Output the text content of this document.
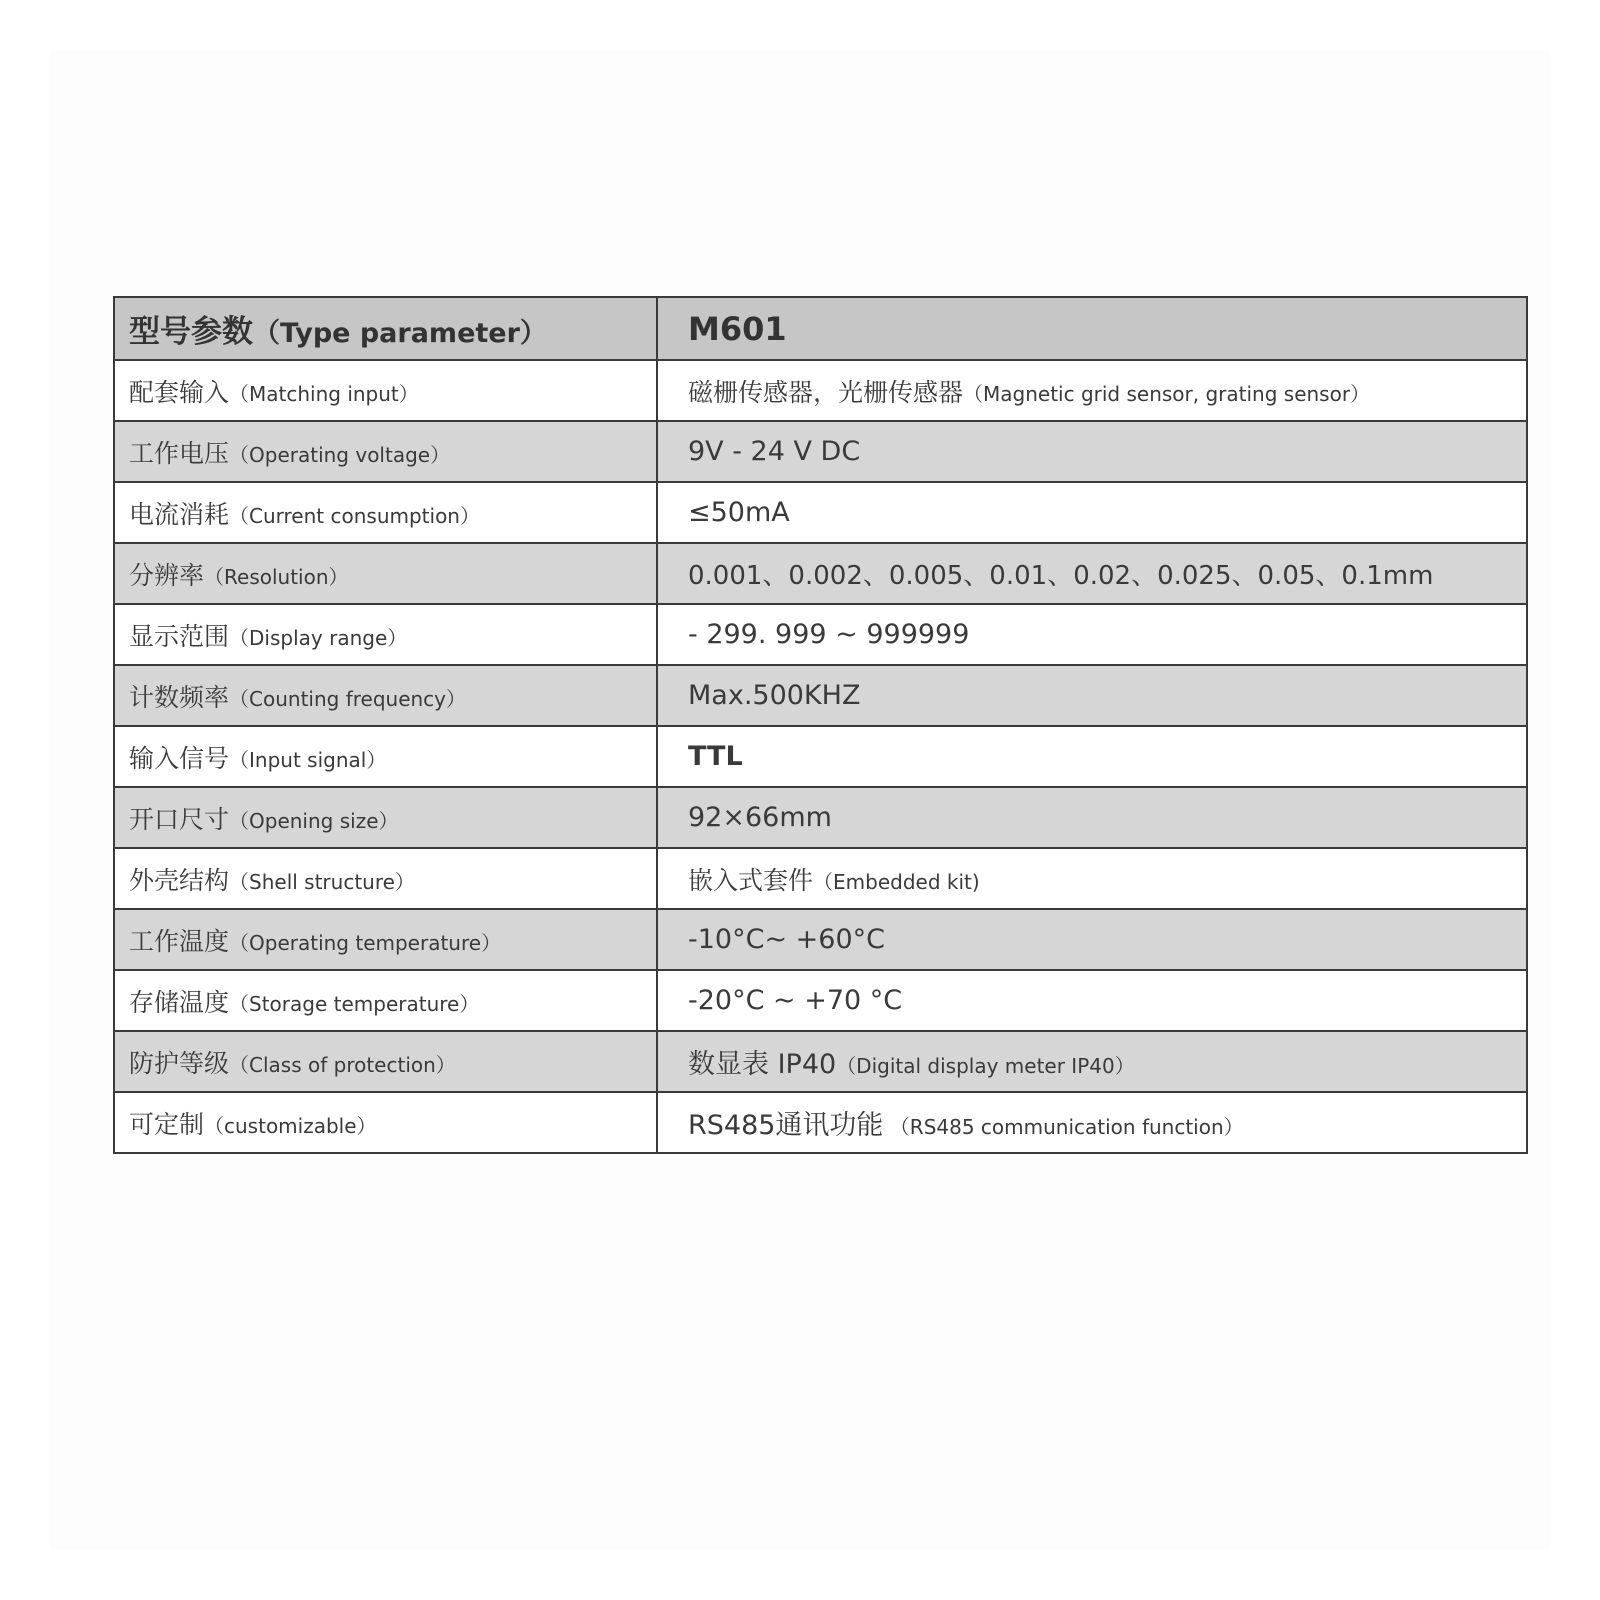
型号参数（Type parameter）	M601
配套输入（Matching input）	磁栅传感器，光栅传感器（Magnetic grid sensor, grating sensor）
工作电压（Operating voltage）	9V - 24 V DC
电流消耗（Current consumption）	≤50mA
分辨率（Resolution）	0.001、0.002、0.005、0.01、0.02、0.025、0.05、0.1mm
显示范围（Display range）	- 299. 999 ~ 999999
计数频率（Counting frequency）	Max.500KHZ
输入信号（Input signal）	TTL
开口尺寸（Opening size）	92×66mm
外壳结构（Shell structure）	嵌入式套件（Embedded kit)
工作温度（Operating temperature）	-10°C~ +60°C
存储温度（Storage temperature）	-20°C ~ +70 °C
防护等级（Class of protection）	数显表 IP40（Digital display meter IP40）
可定制（customizable）	RS485通讯功能 （RS485 communication function）
